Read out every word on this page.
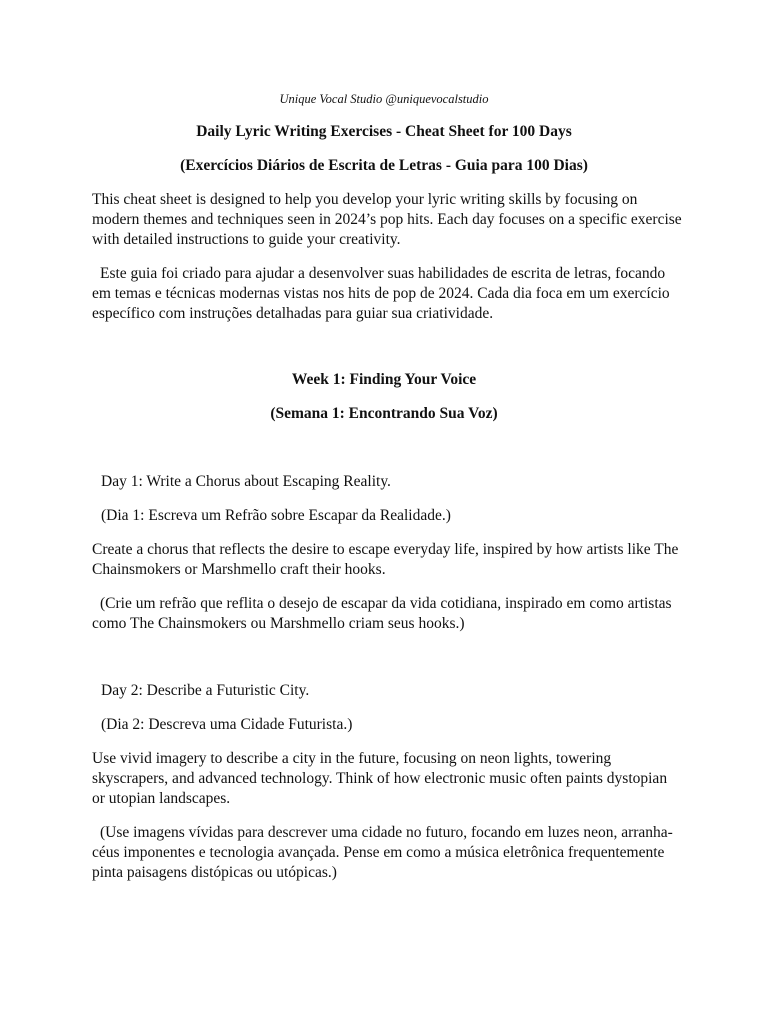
Unique Vocal Studio @uniquevocalstudio

Daily Lyric Writing Exercises - Cheat Sheet for 100 Days

(Exercícios Diários de Escrita de Letras - Guia para 100 Dias)

This cheat sheet is designed to help you develop your lyric writing skills by focusing on modern themes and techniques seen in 2024’s pop hits. Each day focuses on a specific exercise with detailed instructions to guide your creativity.

Este guia foi criado para ajudar a desenvolver suas habilidades de escrita de letras, focando em temas e técnicas modernas vistas nos hits de pop de 2024. Cada dia foca em um exercício específico com instruções detalhadas para guiar sua criatividade.

Week 1: Finding Your Voice

(Semana 1: Encontrando Sua Voz)

Day 1: Write a Chorus about Escaping Reality.

(Dia 1: Escreva um Refrão sobre Escapar da Realidade.)

Create a chorus that reflects the desire to escape everyday life, inspired by how artists like The Chainsmokers or Marshmello craft their hooks.

(Crie um refrão que reflita o desejo de escapar da vida cotidiana, inspirado em como artistas como The Chainsmokers ou Marshmello criam seus hooks.)

Day 2: Describe a Futuristic City.

(Dia 2: Descreva uma Cidade Futurista.)

Use vivid imagery to describe a city in the future, focusing on neon lights, towering skyscrapers, and advanced technology. Think of how electronic music often paints dystopian or utopian landscapes.

(Use imagens vívidas para descrever uma cidade no futuro, focando em luzes neon, arranha-céus imponentes e tecnologia avançada. Pense em como a música eletrônica frequentemente pinta paisagens distópicas ou utópicas.)
